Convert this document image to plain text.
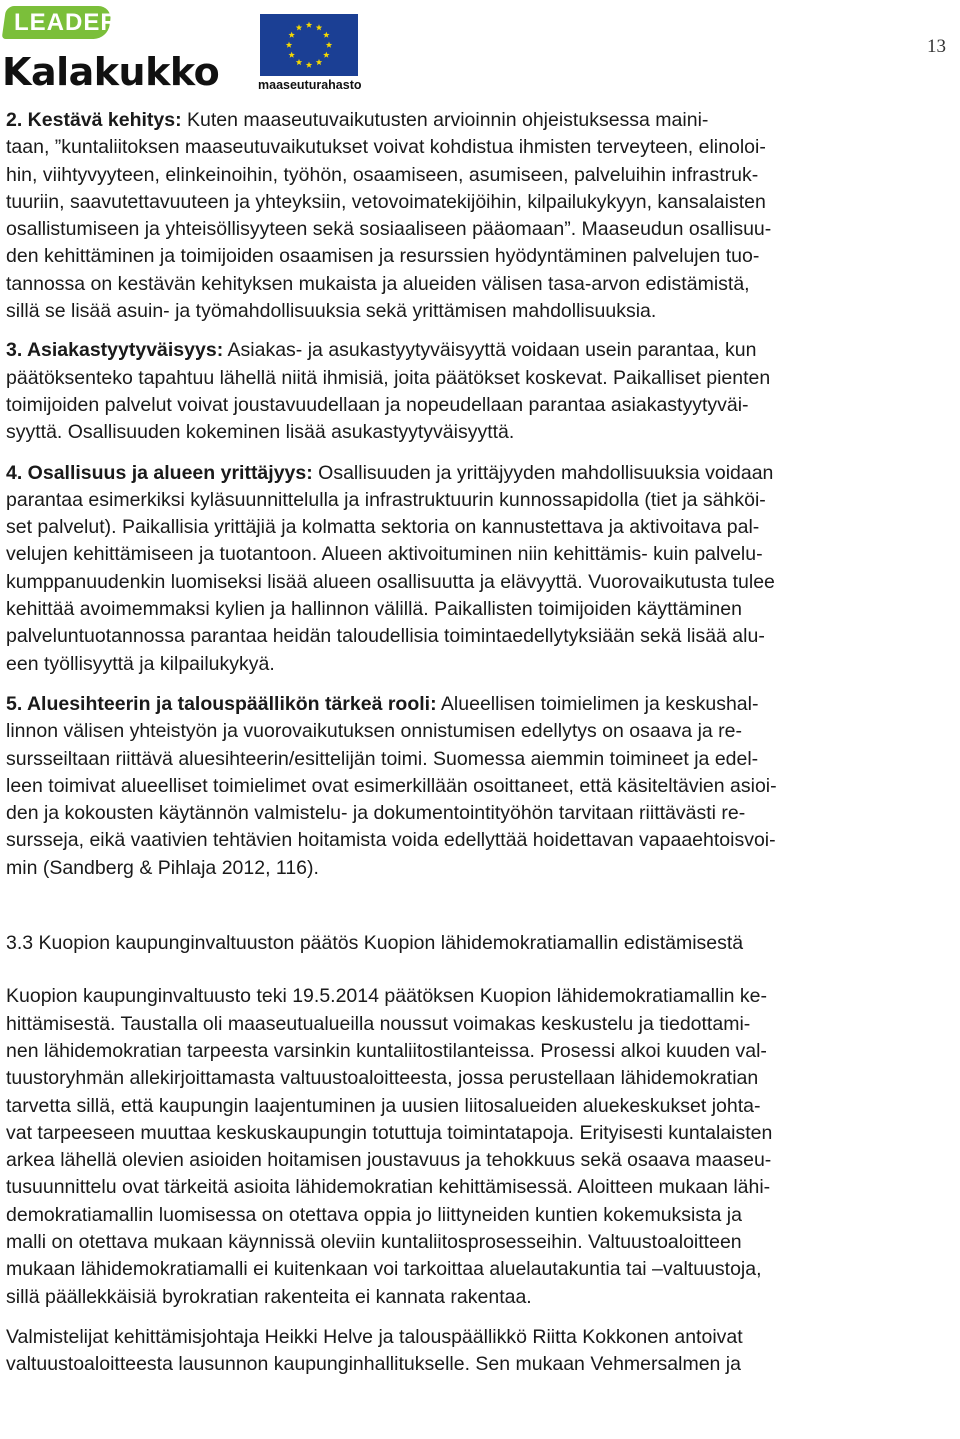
13
LEADER
Kalakukko	maaseuturahasto

2. Kestävä kehitys: Kuten maaseutuvaikutusten arvioinnin ohjeistuksessa maini-
taan, ”kuntaliitoksen maaseutuvaikutukset voivat kohdistua ihmisten terveyteen, elinoloi-
hin, viihtyvyyteen, elinkeinoihin, työhön, osaamiseen, asumiseen, palveluihin infrastruk-
tuuriin, saavutettavuuteen ja yhteyksiin, vetovoimatekijöihin, kilpailukykyyn, kansalaisten
osallistumiseen ja yhteisöllisyyteen sekä sosiaaliseen pääomaan”. Maaseudun osallisuu-
den kehittäminen ja toimijoiden osaamisen ja resurssien hyödyntäminen palvelujen tuo-
tannossa on kestävän kehityksen mukaista ja alueiden välisen tasa-arvon edistämistä,
sillä se lisää asuin- ja työmahdollisuuksia sekä yrittämisen mahdollisuuksia.

3. Asiakastyytyväisyys: Asiakas- ja asukastyytyväisyyttä voidaan usein parantaa, kun
päätöksenteko tapahtuu lähellä niitä ihmisiä, joita päätökset koskevat. Paikalliset pienten
toimijoiden palvelut voivat joustavuudellaan ja nopeudellaan parantaa asiakastyytyväi-
syyttä. Osallisuuden kokeminen lisää asukastyytyväisyyttä.

4. Osallisuus ja alueen yrittäjyys: Osallisuuden ja yrittäjyyden mahdollisuuksia voidaan
parantaa esimerkiksi kyläsuunnittelulla ja infrastruktuurin kunnossapidolla (tiet ja sähköi-
set palvelut). Paikallisia yrittäjiä ja kolmatta sektoria on kannustettava ja aktivoitava pal-
velujen kehittämiseen ja tuotantoon. Alueen aktivoituminen niin kehittämis- kuin palvelu-
kumppanuudenkin luomiseksi lisää alueen osallisuutta ja elävyyttä. Vuorovaikutusta tulee
kehittää avoimemmaksi kylien ja hallinnon välillä. Paikallisten toimijoiden käyttäminen
palveluntuotannossa parantaa heidän taloudellisia toimintaedellytyksiään sekä lisää alu-
een työllisyyttä ja kilpailukykyä.

5. Aluesihteerin ja talouspäällikön tärkeä rooli: Alueellisen toimielimen ja keskushal-
linnon välisen yhteistyön ja vuorovaikutuksen onnistumisen edellytys on osaava ja re-
sursseiltaan riittävä aluesihteerin/esittelijän toimi. Suomessa aiemmin toimineet ja edel-
leen toimivat alueelliset toimielimet ovat esimerkillään osoittaneet, että käsiteltävien asioi-
den ja kokousten käytännön valmistelu- ja dokumentointityöhön tarvitaan riittävästi re-
sursseja, eikä vaativien tehtävien hoitamista voida edellyttää hoidettavan vapaaehtoisvoi-
min (Sandberg & Pihlaja 2012, 116).

3.3 Kuopion kaupunginvaltuuston päätös Kuopion lähidemokratiamallin edistämisestä

Kuopion kaupunginvaltuusto teki 19.5.2014 päätöksen Kuopion lähidemokratiamallin ke-
hittämisestä. Taustalla oli maaseutualueilla noussut voimakas keskustelu ja tiedottami-
nen lähidemokratian tarpeesta varsinkin kuntaliitostilanteissa. Prosessi alkoi kuuden val-
tuustoryhmän allekirjoittamasta valtuustoaloitteesta, jossa perustellaan lähidemokratian
tarvetta sillä, että kaupungin laajentuminen ja uusien liitosalueiden aluekeskukset johta-
vat tarpeeseen muuttaa keskuskaupungin totuttuja toimintatapoja. Erityisesti kuntalaisten
arkea lähellä olevien asioiden hoitamisen joustavuus ja tehokkuus sekä osaava maaseu-
tusuunnittelu ovat tärkeitä asioita lähidemokratian kehittämisessä. Aloitteen mukaan lähi-
demokratiamallin luomisessa on otettava oppia jo liittyneiden kuntien kokemuksista ja
malli on otettava mukaan käynnissä oleviin kuntaliitosprosesseihin. Valtuustoaloitteen
mukaan lähidemokratiamalli ei kuitenkaan voi tarkoittaa aluelautakuntia tai –valtuustoja,
sillä päällekkäisiä byrokratian rakenteita ei kannata rakentaa.

Valmistelijat kehittämisjohtaja Heikki Helve ja talouspäällikkö Riitta Kokkonen antoivat
valtuustoaloitteesta lausunnon kaupunginhallitukselle. Sen mukaan Vehmersalmen ja
